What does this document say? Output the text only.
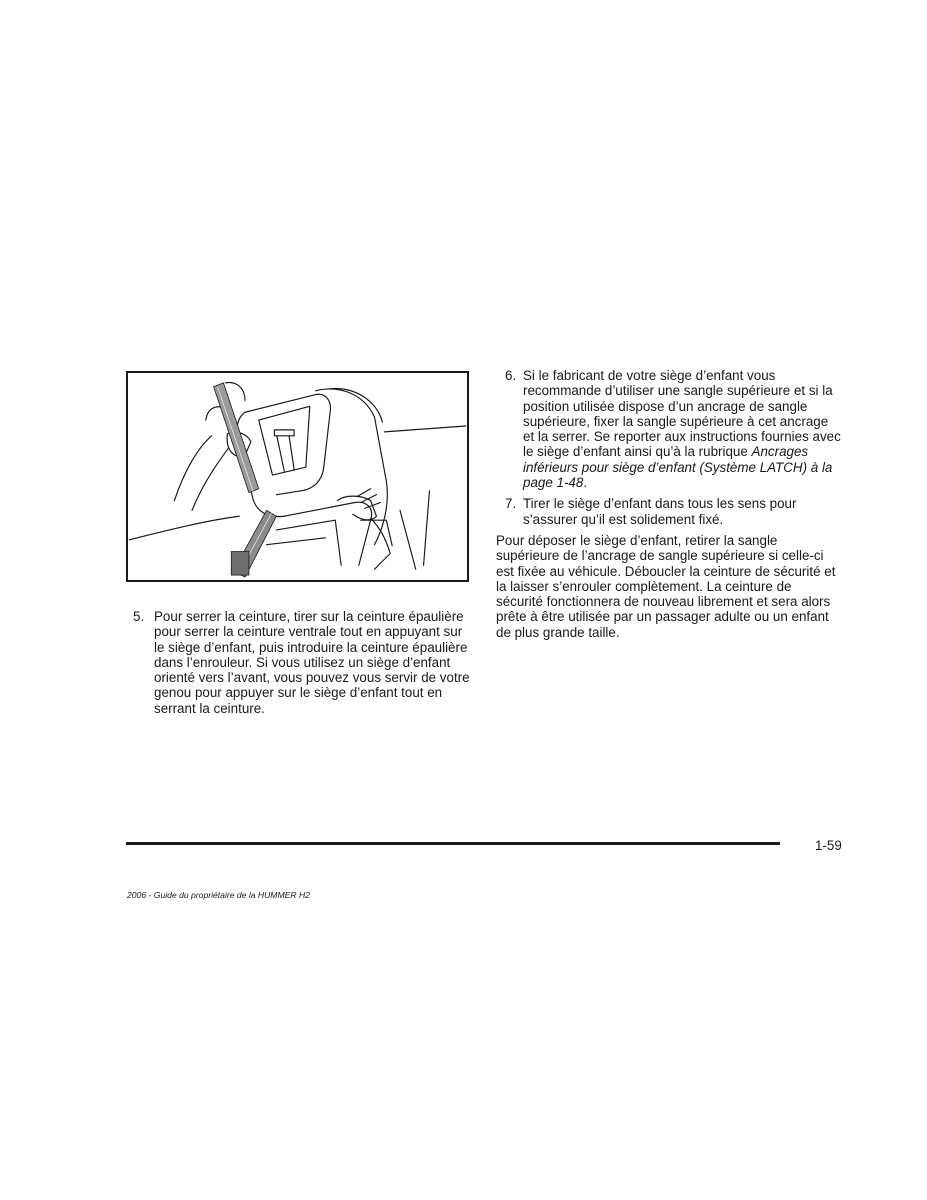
5. Pour serrer la ceinture, tirer sur la ceinture épaulière pour serrer la ceinture ventrale tout en appuyant sur le siège d’enfant, puis introduire la ceinture épaulière dans l’enrouleur. Si vous utilisez un siège d’enfant orienté vers l’avant, vous pouvez vous servir de votre genou pour appuyer sur le siège d’enfant tout en serrant la ceinture.
6. Si le fabricant de votre siège d’enfant vous recommande d’utiliser une sangle supérieure et si la position utilisée dispose d’un ancrage de sangle supérieure, fixer la sangle supérieure à cet ancrage et la serrer. Se reporter aux instructions fournies avec le siège d’enfant ainsi qu’à la rubrique Ancrages inférieurs pour siège d’enfant (Système LATCH) à la page 1-48.
7. Tirer le siège d’enfant dans tous les sens pour s’assurer qu’il est solidement fixé.

Pour déposer le siège d’enfant, retirer la sangle supérieure de l’ancrage de sangle supérieure si celle-ci est fixée au véhicule. Déboucler la ceinture de sécurité et la laisser s’enrouler complètement. La ceinture de sécurité fonctionnera de nouveau librement et sera alors prête à être utilisée par un passager adulte ou un enfant de plus grande taille.

1-59
2006 - Guide du propriétaire de la HUMMER H2
